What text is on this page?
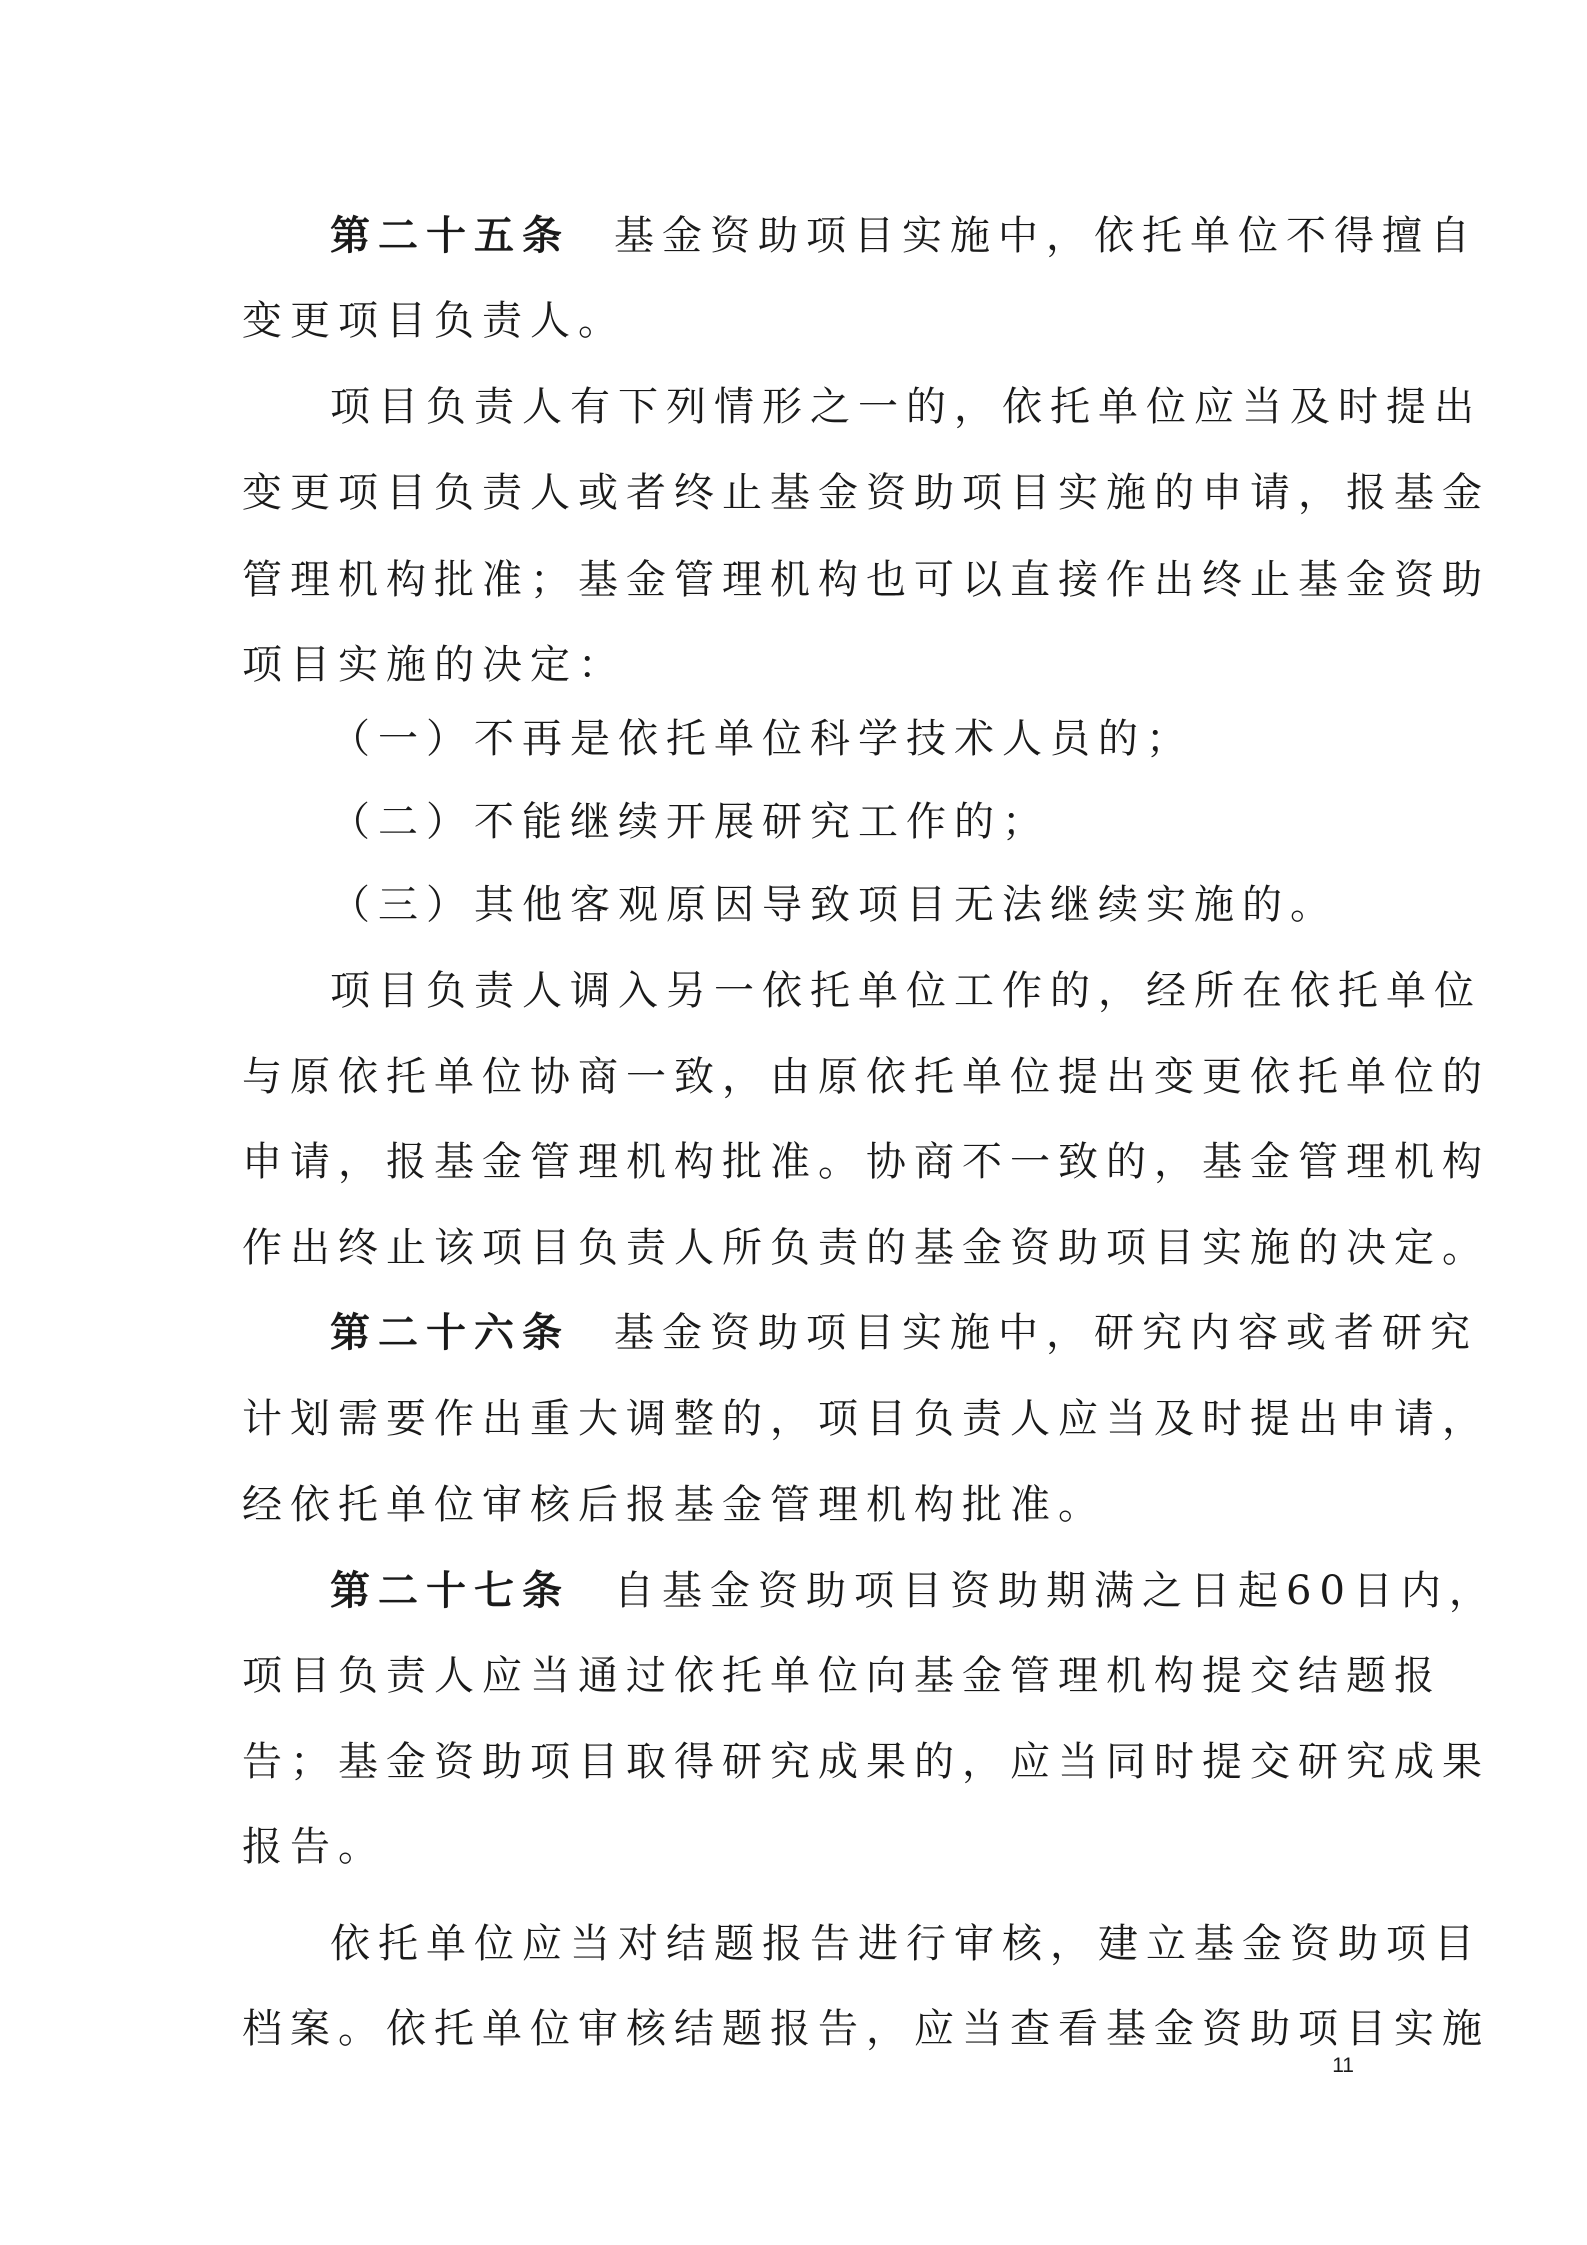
第二十五条 基金资助项目实施中，依托单位不得擅自
变更项目负责人。
项目负责人有下列情形之一的，依托单位应当及时提出
变更项目负责人或者终止基金资助项目实施的申请，报基金
管理机构批准；基金管理机构也可以直接作出终止基金资助
项目实施的决定：
（一）不再是依托单位科学技术人员的；
（二）不能继续开展研究工作的；
（三）其他客观原因导致项目无法继续实施的。
项目负责人调入另一依托单位工作的，经所在依托单位
与原依托单位协商一致，由原依托单位提出变更依托单位的
申请，报基金管理机构批准。协商不一致的，基金管理机构
作出终止该项目负责人所负责的基金资助项目实施的决定。
第二十六条 基金资助项目实施中，研究内容或者研究
计划需要作出重大调整的，项目负责人应当及时提出申请，
经依托单位审核后报基金管理机构批准。
第二十七条 自基金资助项目资助期满之日起60日内，
项目负责人应当通过依托单位向基金管理机构提交结题报
告；基金资助项目取得研究成果的，应当同时提交研究成果
报告。
依托单位应当对结题报告进行审核，建立基金资助项目
档案。依托单位审核结题报告，应当查看基金资助项目实施
11
